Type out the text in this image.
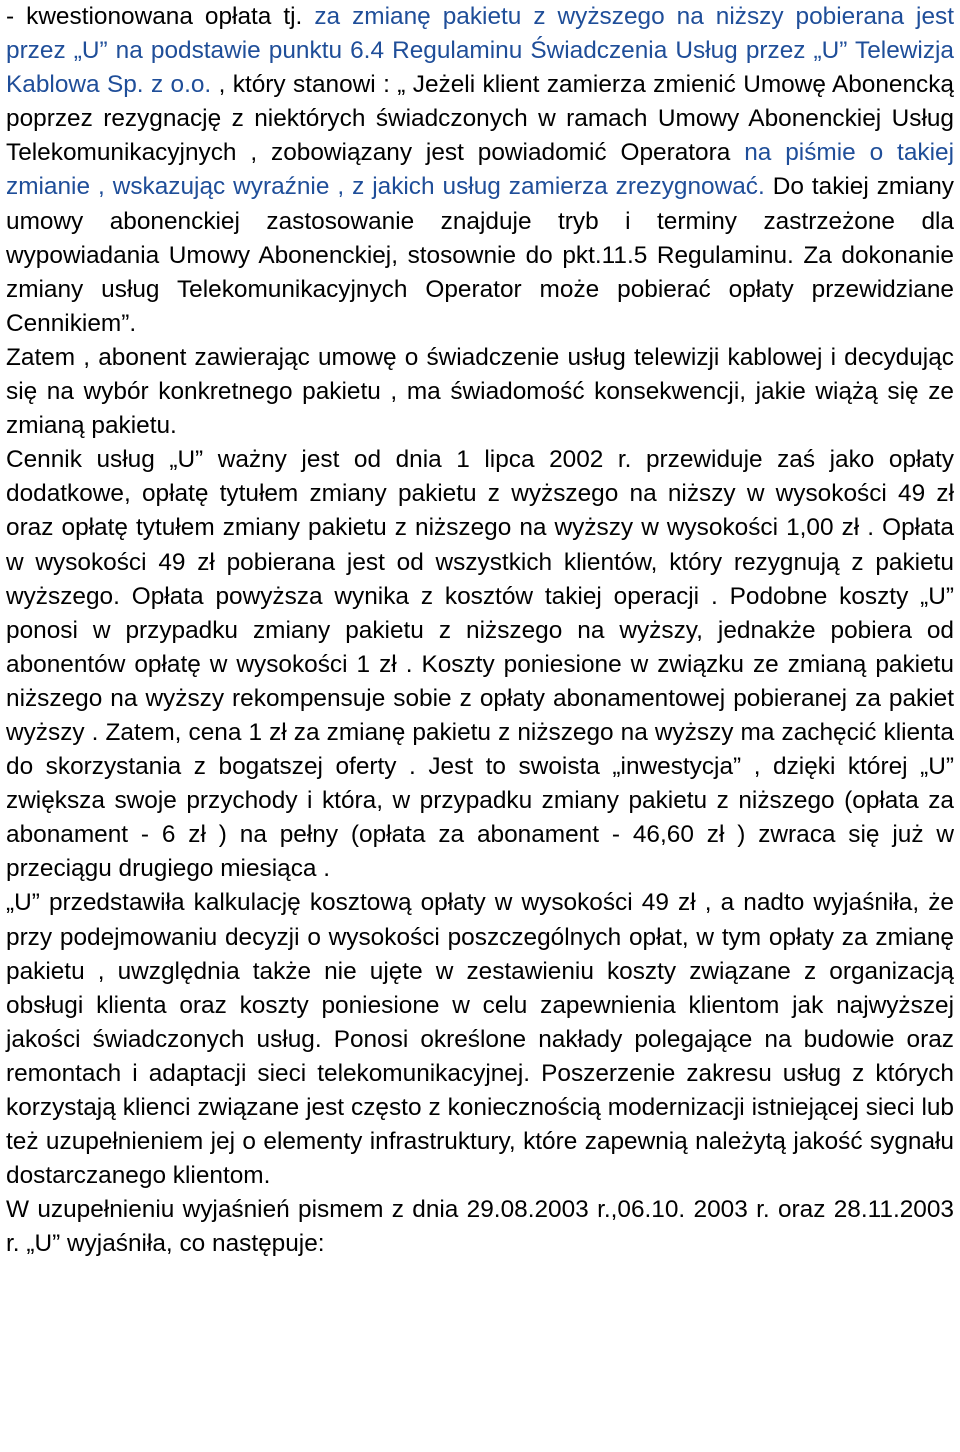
- kwestionowana opłata tj. za zmianę pakietu z wyższego na niższy pobierana jest przez „U” na podstawie punktu 6.4 Regulaminu Świadczenia Usług przez „U” Telewizja Kablowa Sp. z o.o. , który stanowi : „ Jeżeli klient zamierza zmienić Umowę Abonencką poprzez rezygnację z niektórych świadczonych w ramach Umowy Abonenckiej Usług Telekomunikacyjnych , zobowiązany jest powiadomić Operatora na piśmie o takiej zmianie , wskazując wyraźnie , z jakich usług zamierza zrezygnować. Do takiej zmiany umowy abonenckiej zastosowanie znajduje tryb i terminy zastrzeżone dla wypowiadania Umowy Abonenckiej, stosownie do pkt.11.5 Regulaminu. Za dokonanie zmiany usług Telekomunikacyjnych Operator może pobierać opłaty przewidziane Cennikiem”.

Zatem , abonent zawierając umowę o świadczenie usług telewizji kablowej i decydując się na wybór konkretnego pakietu , ma świadomość konsekwencji, jakie wiążą się ze zmianą pakietu.

Cennik usług „U” ważny jest od dnia 1 lipca 2002 r. przewiduje zaś jako opłaty dodatkowe, opłatę tytułem zmiany pakietu z wyższego na niższy w wysokości 49 zł oraz opłatę tytułem zmiany pakietu z niższego na wyższy w wysokości 1,00 zł . Opłata w wysokości 49 zł pobierana jest od wszystkich klientów, który rezygnują z pakietu wyższego. Opłata powyższa wynika z kosztów takiej operacji . Podobne koszty „U” ponosi w przypadku zmiany pakietu z niższego na wyższy, jednakże pobiera od abonentów opłatę w wysokości 1 zł . Koszty poniesione w związku ze zmianą pakietu niższego na wyższy rekompensuje sobie z opłaty abonamentowej pobieranej za pakiet wyższy . Zatem, cena 1 zł za zmianę pakietu z niższego na wyższy ma zachęcić klienta do skorzystania z bogatszej oferty . Jest to swoista „inwestycja” , dzięki której „U” zwiększa swoje przychody i która, w przypadku zmiany pakietu z niższego (opłata za abonament - 6 zł ) na pełny (opłata za abonament - 46,60 zł ) zwraca się już w przeciągu drugiego miesiąca .

„U” przedstawiła kalkulację kosztową opłaty w wysokości 49 zł , a nadto wyjaśniła, że przy podejmowaniu decyzji o wysokości poszczególnych opłat, w tym opłaty za zmianę pakietu , uwzględnia także nie ujęte w zestawieniu koszty związane z organizacją obsługi klienta oraz koszty poniesione w celu zapewnienia klientom jak najwyższej jakości świadczonych usług. Ponosi określone nakłady polegające na budowie oraz remontach i adaptacji sieci telekomunikacyjnej. Poszerzenie zakresu usług z których korzystają klienci związane jest często z koniecznością modernizacji istniejącej sieci lub też uzupełnieniem jej o elementy infrastruktury, które zapewnią należytą jakość sygnału dostarczanego klientom.

W uzupełnieniu wyjaśnień pismem z dnia 29.08.2003 r.,06.10. 2003 r. oraz 28.11.2003 r. „U” wyjaśniła, co następuje:
